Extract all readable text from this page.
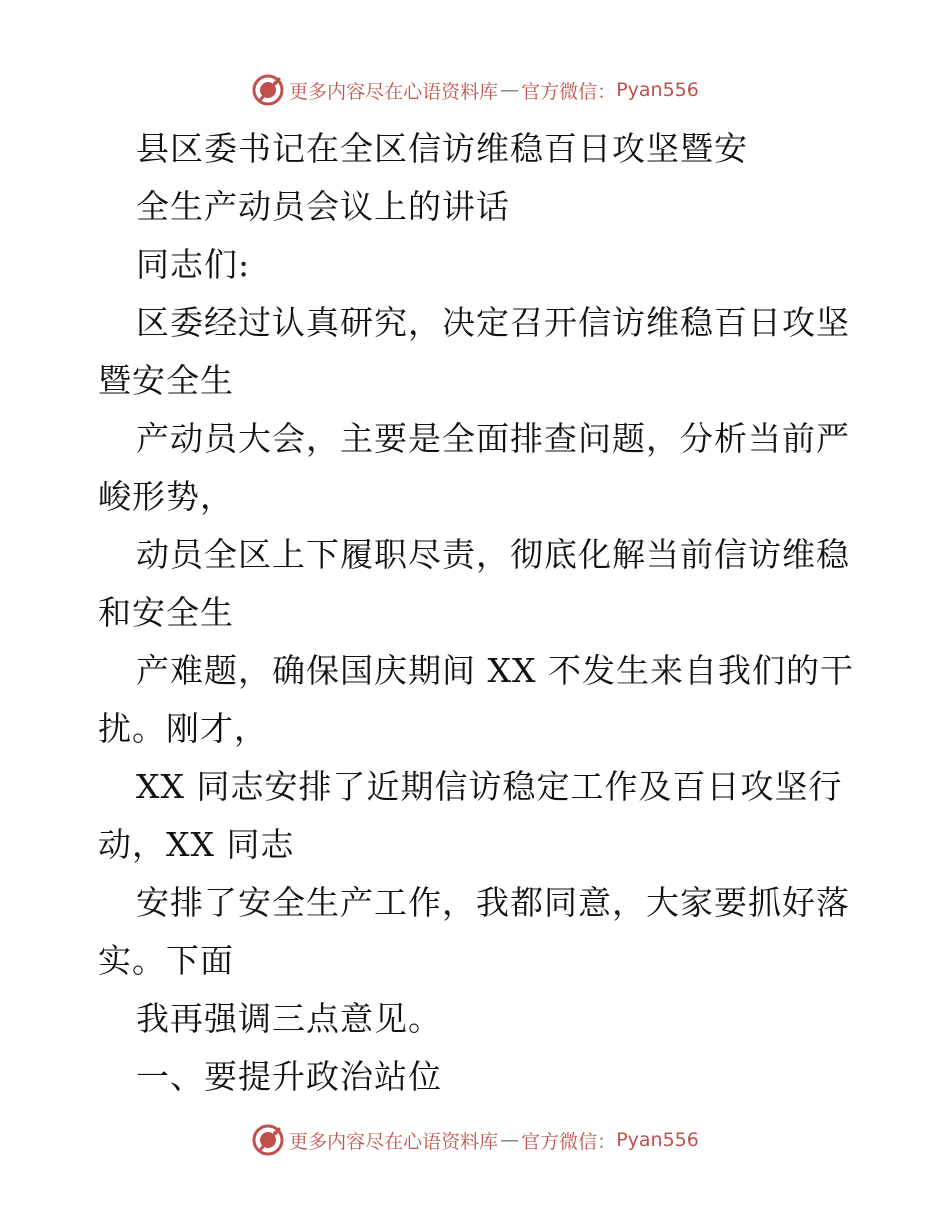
更多内容尽在心语资料库 — 官方微信： Pyan556
县区委书记在全区信访维稳百日攻坚暨安
全生产动员会议上的讲话
同志们:
区委经过认真研究，决定召开信访维稳百日攻坚
暨安全生
产动员大会，主要是全面排查问题，分析当前严
峻形势，
动员全区上下履职尽责，彻底化解当前信访维稳
和安全生
产难题，确保国庆期间 XX 不发生来自我们的干
扰。刚才，
XX 同志安排了近期信访稳定工作及百日攻坚行
动，XX 同志
安排了安全生产工作，我都同意，大家要抓好落
实。下面
我再强调三点意见。
一、要提升政治站位
更多内容尽在心语资料库 — 官方微信： Pyan556
